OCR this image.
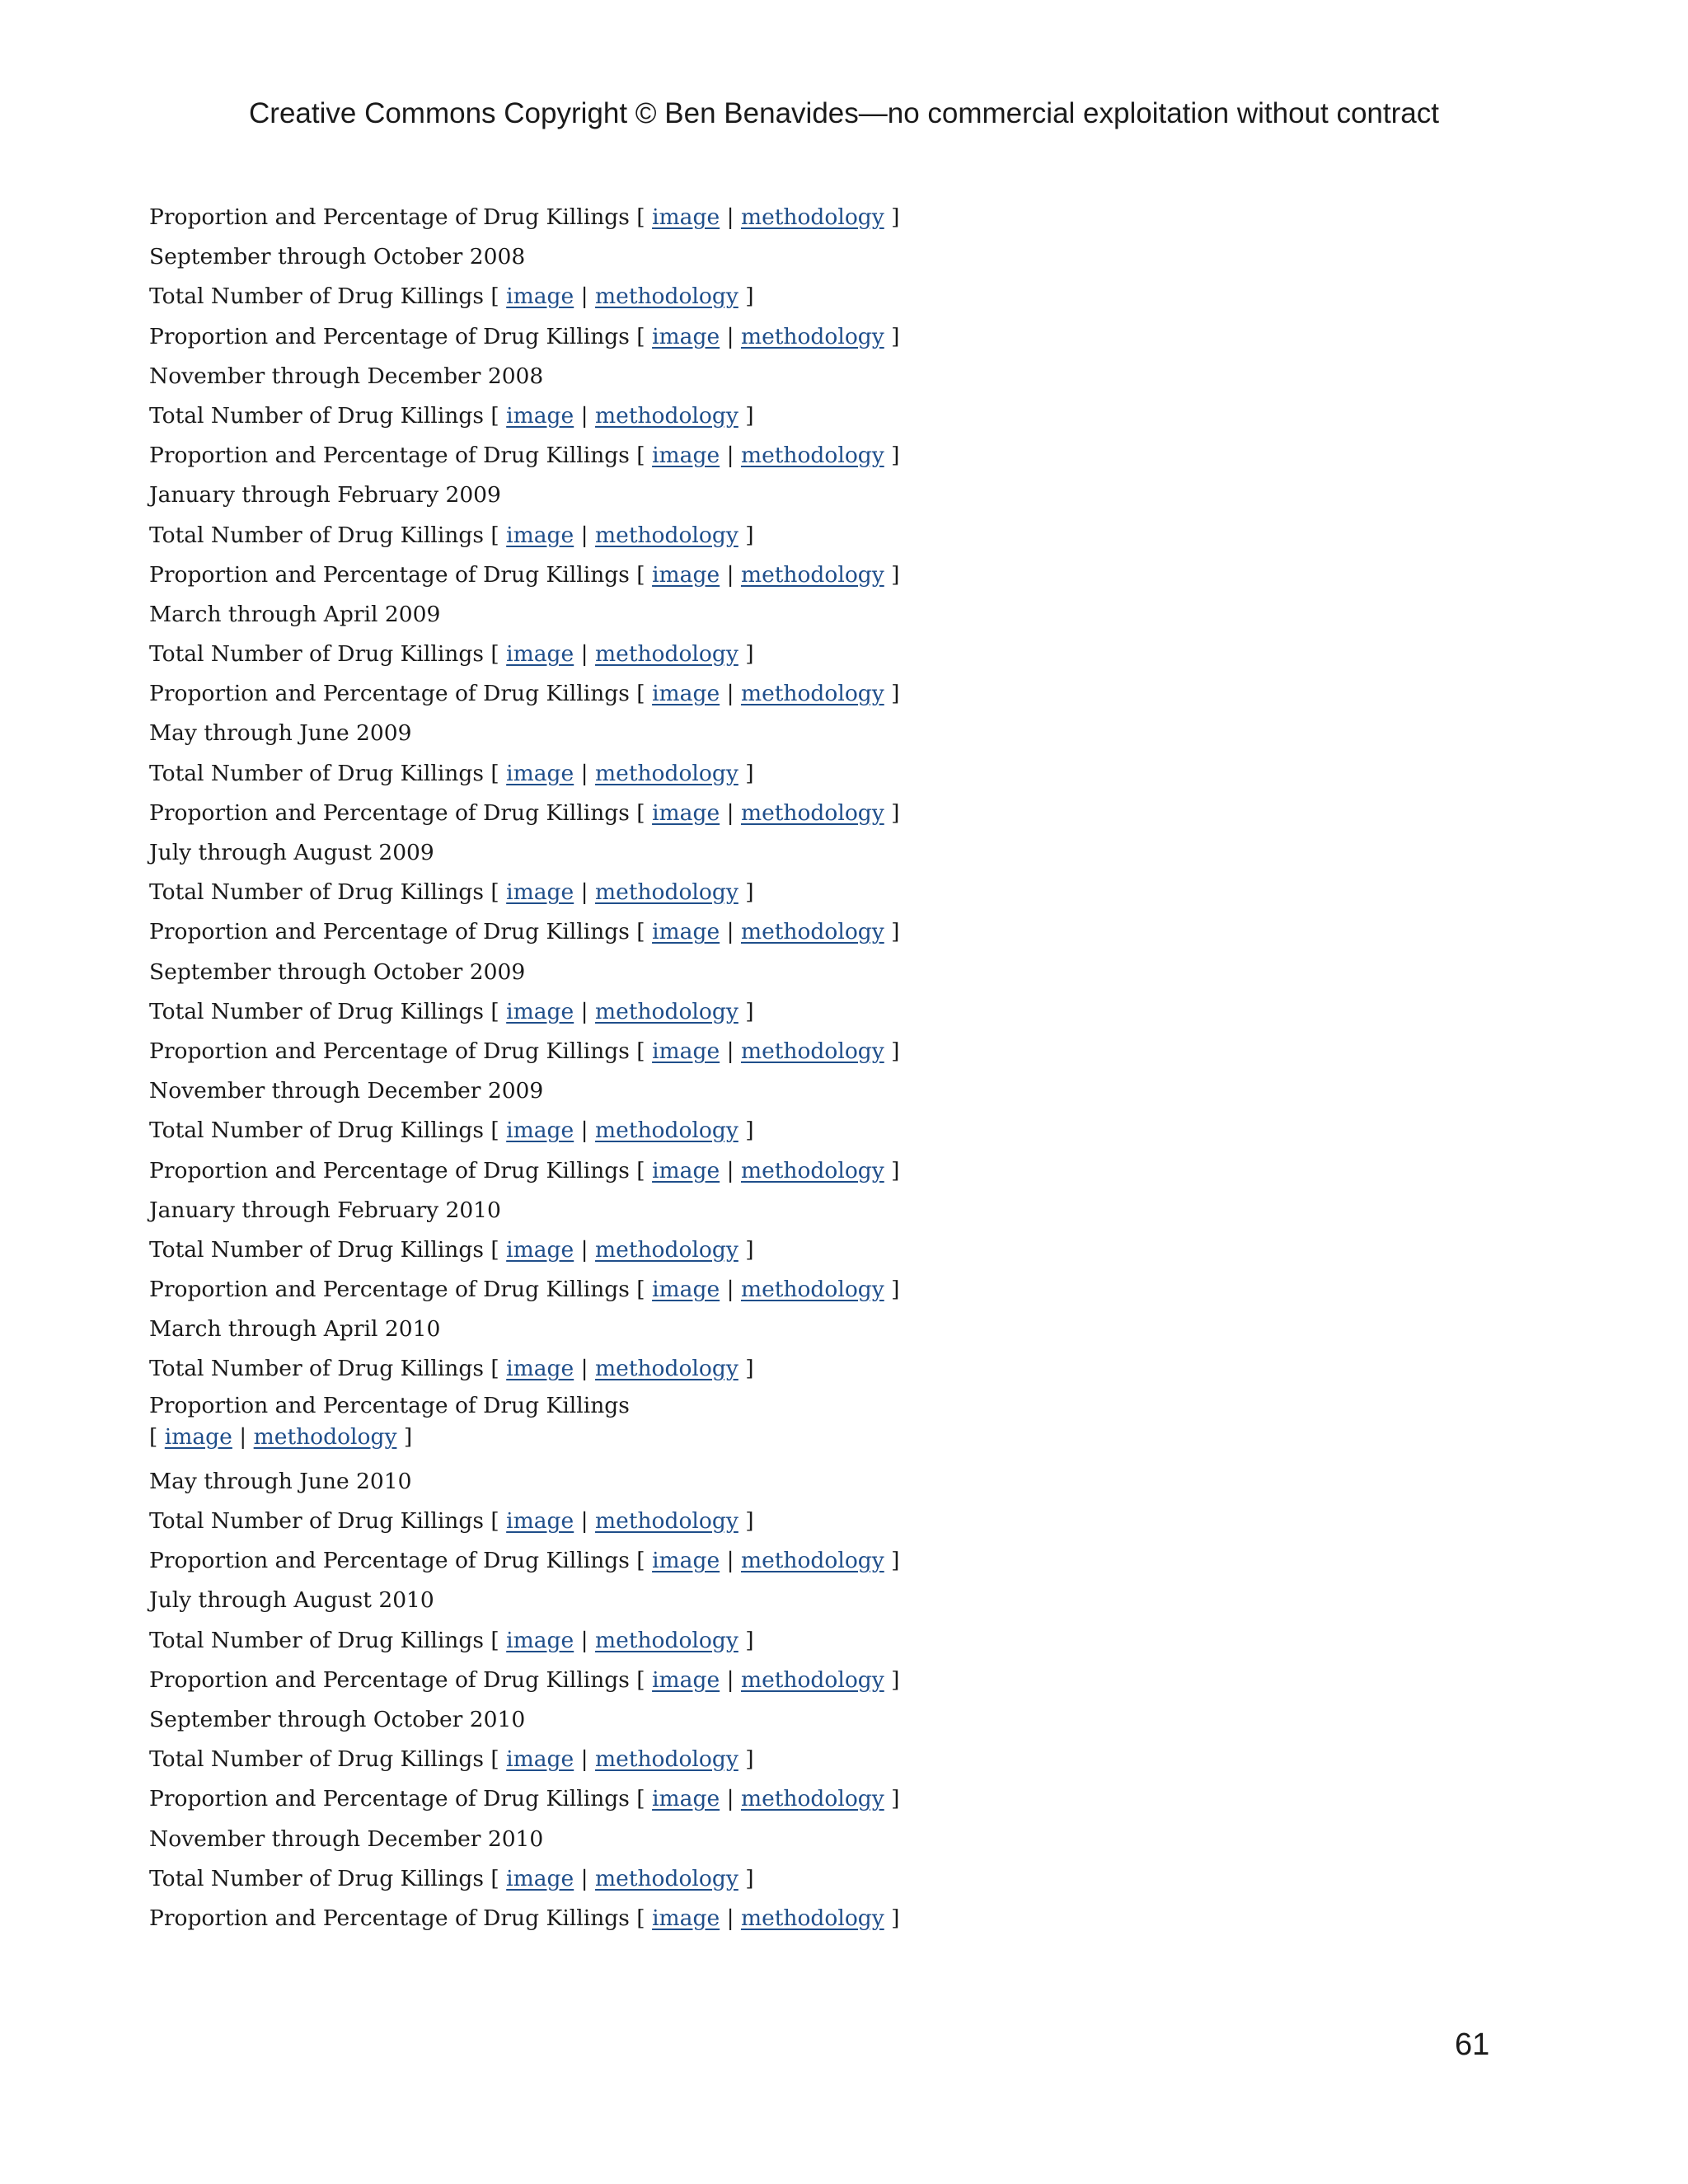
Creative Commons Copyright © Ben Benavides—no commercial exploitation without contract
Proportion and Percentage of Drug Killings [ image | methodology ]
September through October 2008
Total Number of Drug Killings [ image | methodology ]
Proportion and Percentage of Drug Killings [ image | methodology ]
November through December 2008
Total Number of Drug Killings [ image | methodology ]
Proportion and Percentage of Drug Killings [ image | methodology ]
January through February 2009
Total Number of Drug Killings [ image | methodology ]
Proportion and Percentage of Drug Killings [ image | methodology ]
March through April 2009
Total Number of Drug Killings [ image | methodology ]
Proportion and Percentage of Drug Killings [ image | methodology ]
May through June 2009
Total Number of Drug Killings [ image | methodology ]
Proportion and Percentage of Drug Killings [ image | methodology ]
July through August 2009
Total Number of Drug Killings [ image | methodology ]
Proportion and Percentage of Drug Killings [ image | methodology ]
September through October 2009
Total Number of Drug Killings [ image | methodology ]
Proportion and Percentage of Drug Killings [ image | methodology ]
November through December 2009
Total Number of Drug Killings [ image | methodology ]
Proportion and Percentage of Drug Killings [ image | methodology ]
January through February 2010
Total Number of Drug Killings [ image | methodology ]
Proportion and Percentage of Drug Killings [ image | methodology ]
March through April 2010
Total Number of Drug Killings [ image | methodology ]
Proportion and Percentage of Drug Killings
[ image | methodology ]
May through June 2010
Total Number of Drug Killings [ image | methodology ]
Proportion and Percentage of Drug Killings [ image | methodology ]
July through August 2010
Total Number of Drug Killings [ image | methodology ]
Proportion and Percentage of Drug Killings [ image | methodology ]
September through October 2010
Total Number of Drug Killings [ image | methodology ]
Proportion and Percentage of Drug Killings [ image | methodology ]
November through December 2010
Total Number of Drug Killings [ image | methodology ]
Proportion and Percentage of Drug Killings [ image | methodology ]
61
